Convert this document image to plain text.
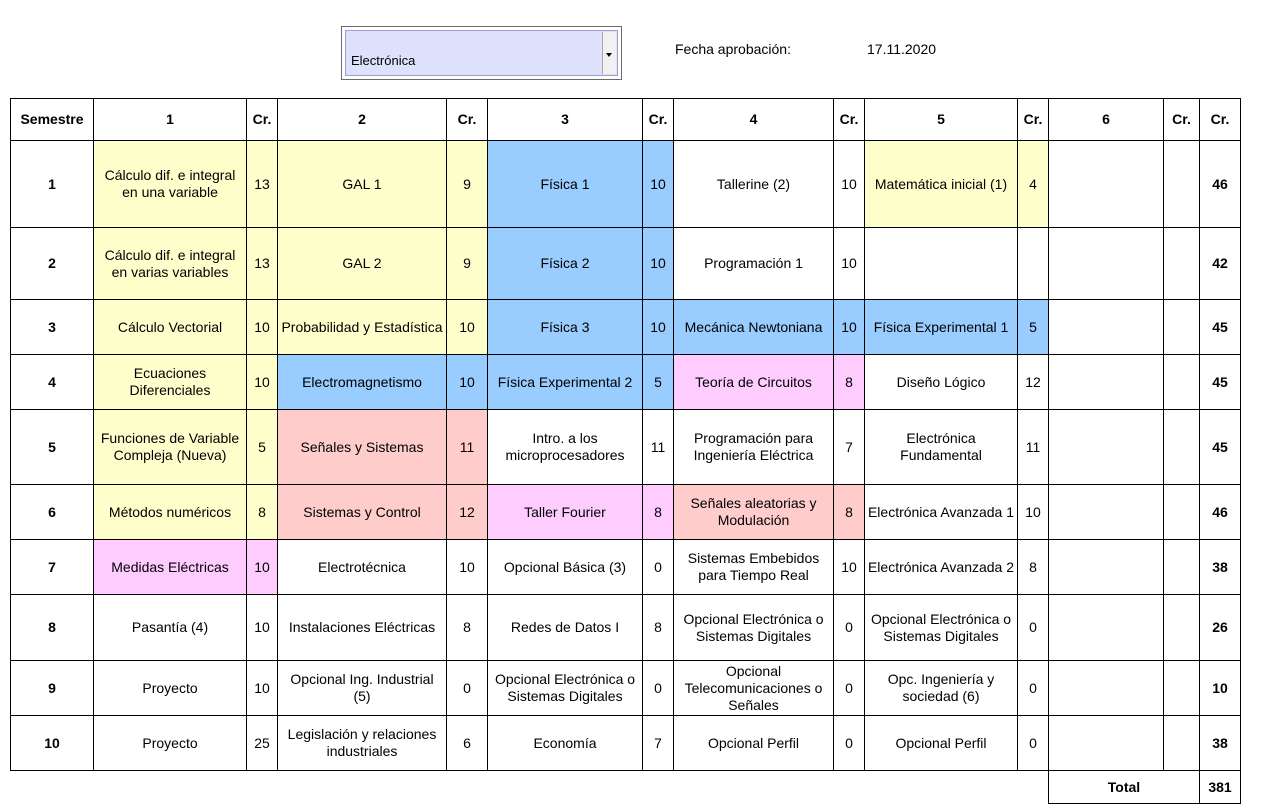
Electrónica
Fecha aprobación:	17.11.2020
Semestre	1	Cr.	2	Cr.	3	Cr.	4	Cr.	5	Cr.	6	Cr.	Cr.
1	Cálculo dif. e integral en una variable	13	GAL 1	9	Física 1	10	Tallerine (2)	10	Matemática inicial (1)	4			46
2	Cálculo dif. e integral en varias variables	13	GAL 2	9	Física 2	10	Programación 1	10					42
3	Cálculo Vectorial	10	Probabilidad y Estadística	10	Física 3	10	Mecánica Newtoniana	10	Física Experimental 1	5			45
4	Ecuaciones Diferenciales	10	Electromagnetismo	10	Física Experimental 2	5	Teoría de Circuitos	8	Diseño Lógico	12			45
5	Funciones de Variable Compleja (Nueva)	5	Señales y Sistemas	11	Intro. a los microprocesadores	11	Programación para Ingeniería Eléctrica	7	Electrónica Fundamental	11			45
6	Métodos numéricos	8	Sistemas y Control	12	Taller Fourier	8	Señales aleatorias y Modulación	8	Electrónica Avanzada 1	10			46
7	Medidas Eléctricas	10	Electrotécnica	10	Opcional Básica (3)	0	Sistemas Embebidos para Tiempo Real	10	Electrónica Avanzada 2	8			38
8	Pasantía (4)	10	Instalaciones Eléctricas	8	Redes de Datos I	8	Opcional Electrónica o Sistemas Digitales	0	Opcional Electrónica o Sistemas Digitales	0			26
9	Proyecto	10	Opcional Ing. Industrial (5)	0	Opcional Electrónica o Sistemas Digitales	0	Opcional Telecomunicaciones o Señales	0	Opc. Ingeniería y sociedad (6)	0			10
10	Proyecto	25	Legislación y relaciones industriales	6	Economía	7	Opcional Perfil	0	Opcional Perfil	0			38
Total	381
